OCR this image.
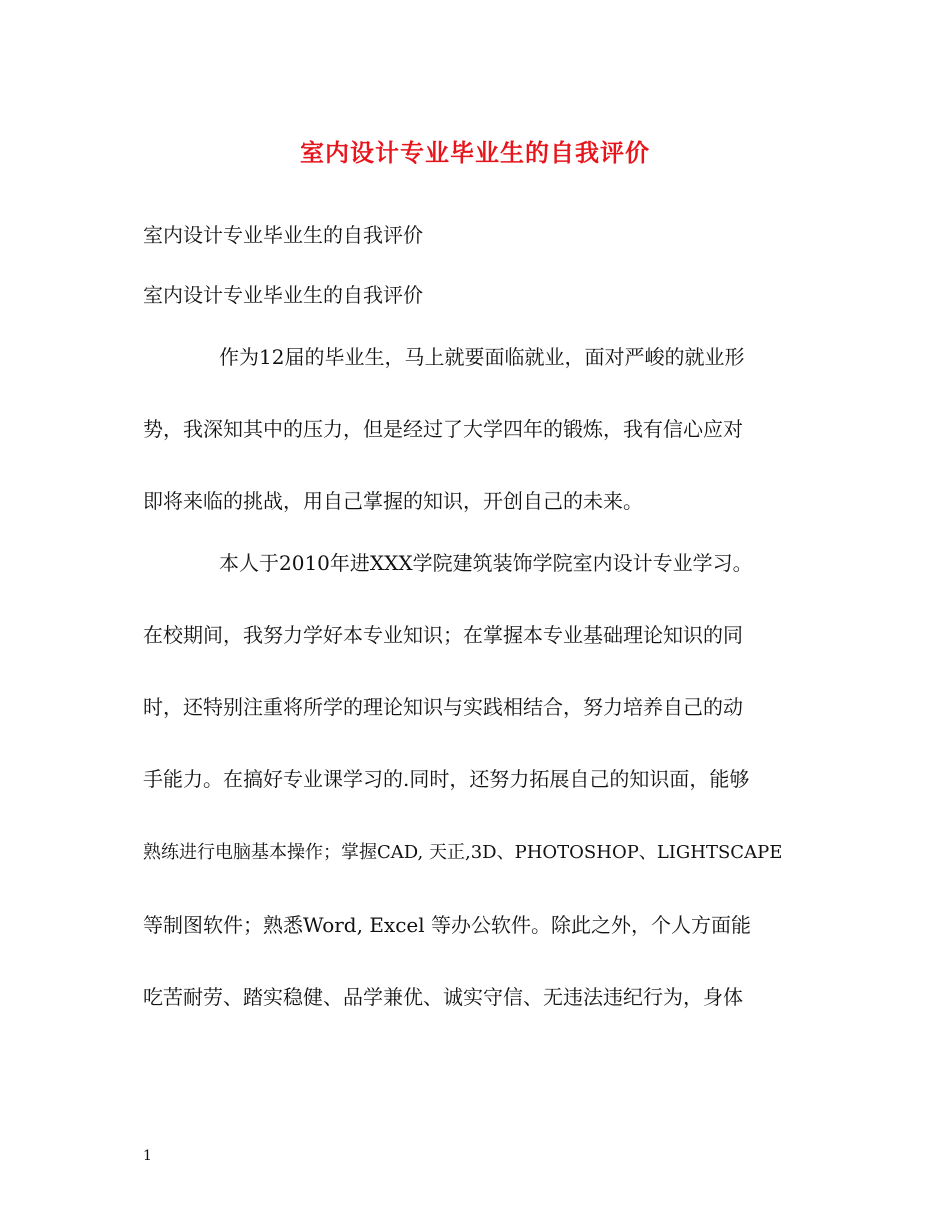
室内设计专业毕业生的自我评价

室内设计专业毕业生的自我评价

室内设计专业毕业生的自我评价

作为12届的毕业生，马上就要面临就业，面对严峻的就业形

势，我深知其中的压力，但是经过了大学四年的锻炼，我有信心应对

即将来临的挑战，用自己掌握的知识，开创自己的未来。

本人于2010年进XXX学院建筑装饰学院室内设计专业学习。

在校期间，我努力学好本专业知识；在掌握本专业基础理论知识的同

时，还特别注重将所学的理论知识与实践相结合，努力培养自己的动

手能力。在搞好专业课学习的.同时，还努力拓展自己的知识面，能够

熟练进行电脑基本操作；掌握CAD, 天正,3D、PHOTOSHOP、LIGHTSCAPE

等制图软件；熟悉Word, Excel 等办公软件。除此之外，个人方面能

吃苦耐劳、踏实稳健、品学兼优、诚实守信、无违法违纪行为，身体

1
